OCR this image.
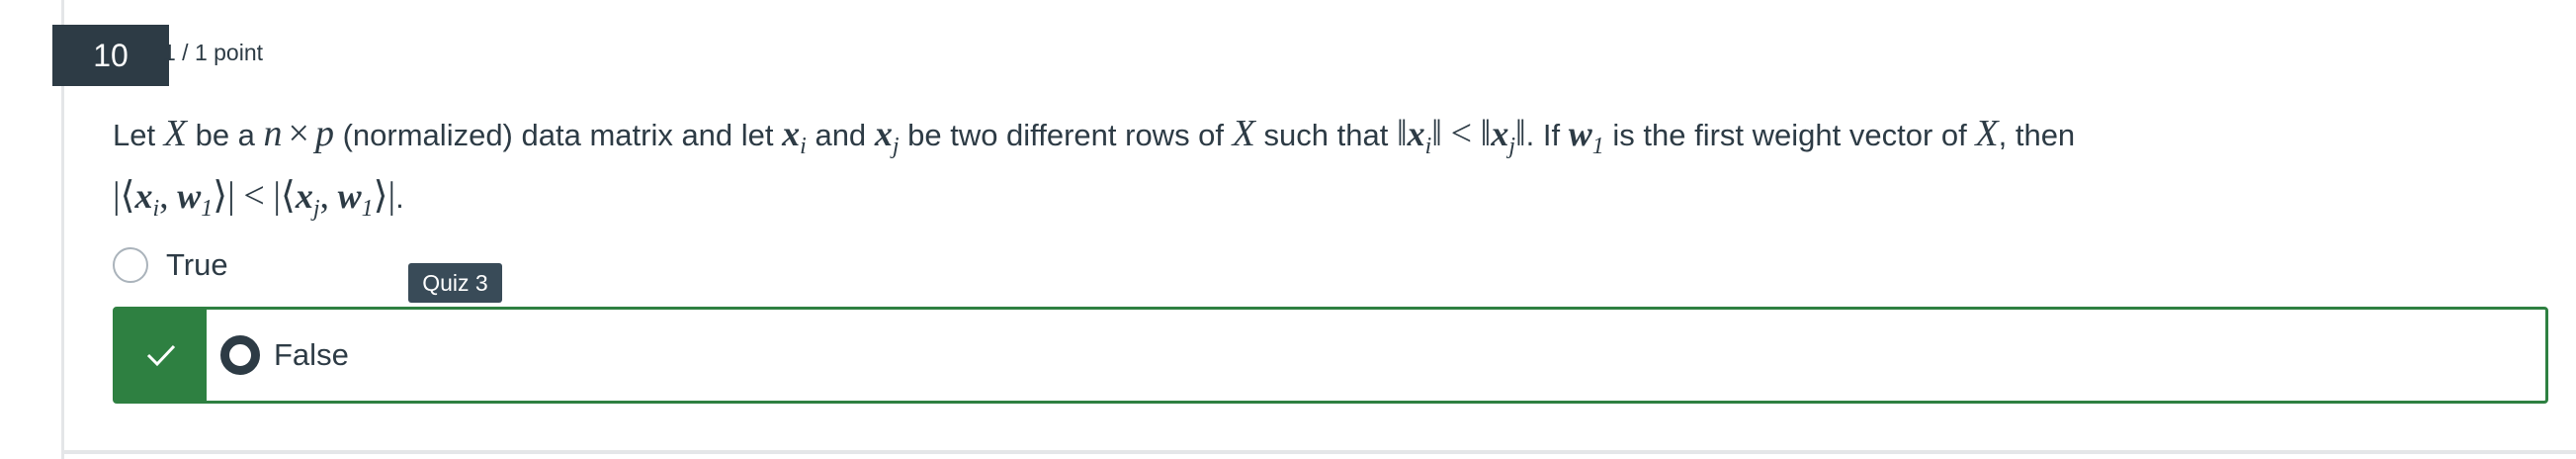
10	1 / 1 point
Let X be a n × p (normalized) data matrix and let $x_i$ and $x_j$ be two different rows of X such that $‖x_i‖$ < $‖x_j‖$. If $w_1$ is the first weight vector of X, then
$|⟨x_i$, $w_1⟩|$ < $|⟨x_j$, $w_1⟩|$.
True
Quiz 3
False
